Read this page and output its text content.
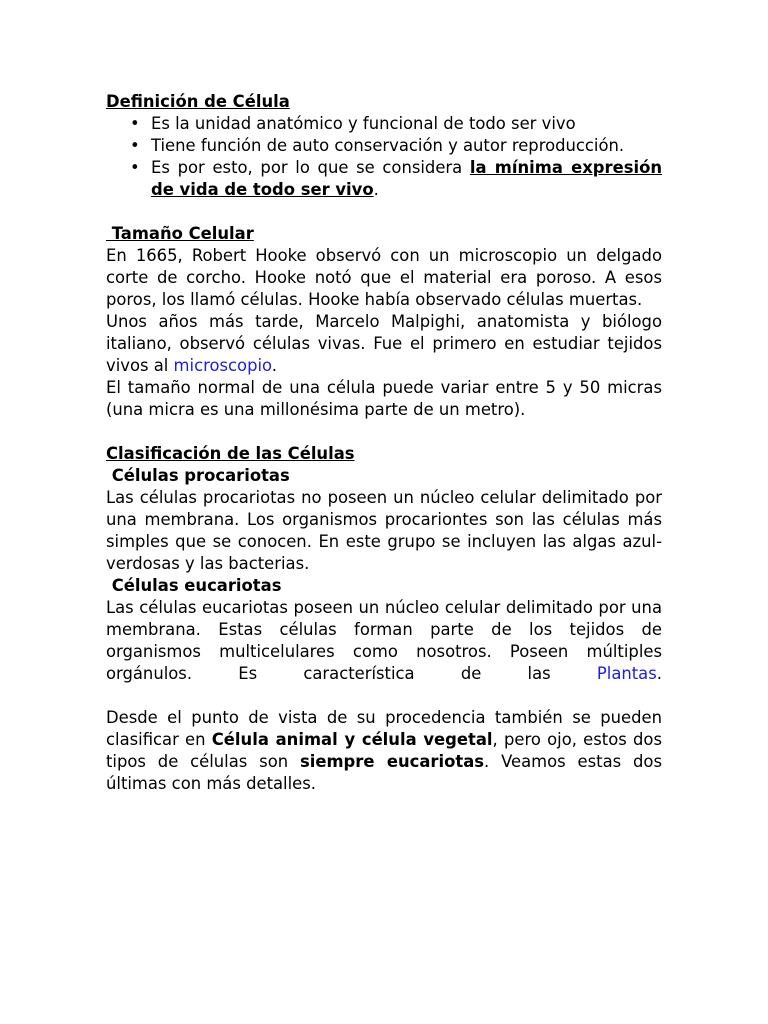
Definición de Célula

• Es la unidad anatómico y funcional de todo ser vivo
• Tiene función de auto conservación y autor reproducción.
• Es por esto, por lo que se considera la mínima expresión de vida de todo ser vivo.

Tamaño Celular

En 1665, Robert Hooke observó con un microscopio un delgado corte de corcho. Hooke notó que el material era poroso. A esos poros, los llamó células. Hooke había observado células muertas.

Unos años más tarde, Marcelo Malpighi, anatomista y biólogo italiano, observó células vivas. Fue el primero en estudiar tejidos vivos al microscopio.

El tamaño normal de una célula puede variar entre 5 y 50 micras (una micra es una millonésima parte de un metro).

Clasificación de las Células

Células procariotas

Las células procariotas no poseen un núcleo celular delimitado por una membrana. Los organismos procariontes son las células más simples que se conocen. En este grupo se incluyen las algas azul-verdosas y las bacterias.

Células eucariotas

Las células eucariotas poseen un núcleo celular delimitado por una membrana. Estas células forman parte de los tejidos de organismos multicelulares como nosotros. Poseen múltiples orgánulos. Es característica de las Plantas.

Desde el punto de vista de su procedencia también se pueden clasificar en Célula animal y célula vegetal, pero ojo, estos dos tipos de células son siempre eucariotas. Veamos estas dos últimas con más detalles.
